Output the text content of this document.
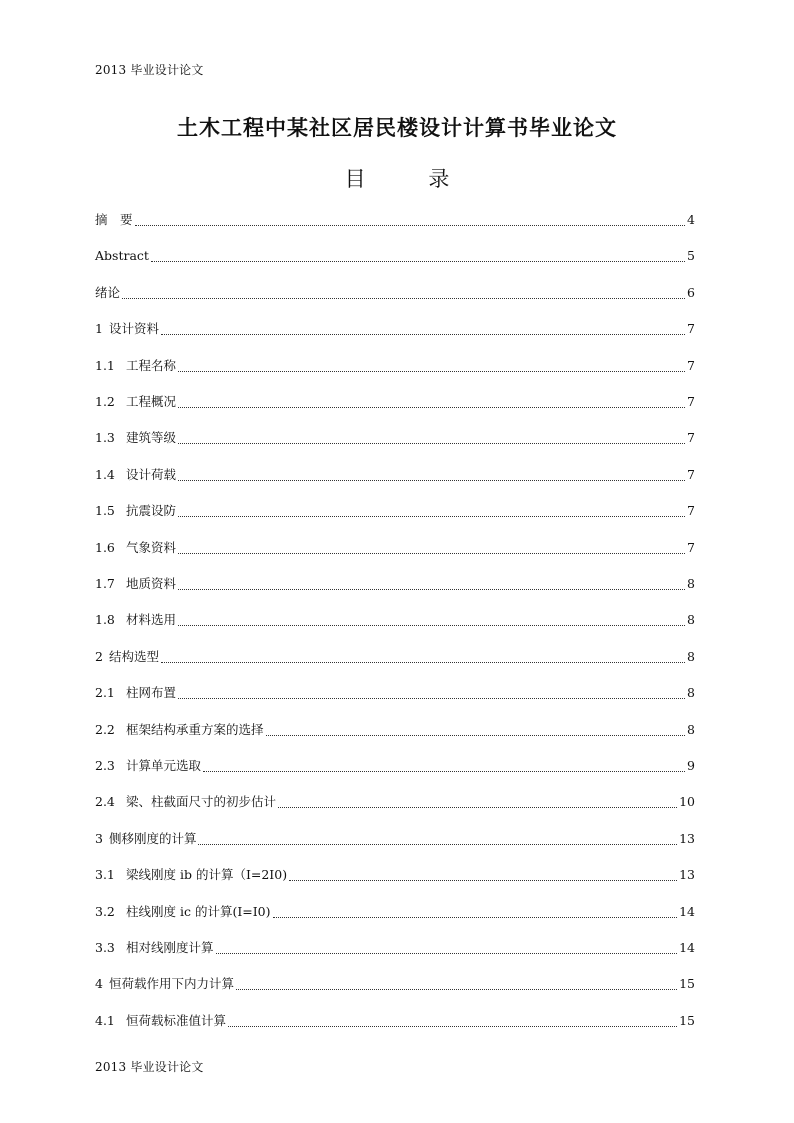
2013 毕业设计论文
土木工程中某社区居民楼设计计算书毕业论文
目 录
摘　要	4
Abstract	5
绪论	6
1 设计资料	7
1.1 工程名称	7
1.2 工程概况	7
1.3 建筑等级	7
1.4 设计荷载	7
1.5 抗震设防	7
1.6 气象资料	7
1.7 地质资料	8
1.8 材料选用	8
2 结构选型	8
2.1 柱网布置	8
2.2 框架结构承重方案的选择	8
2.3 计算单元选取	9
2.4 梁、柱截面尺寸的初步估计	10
3 侧移刚度的计算	13
3.1 梁线刚度 ib 的计算（I=2I0)	13
3.2 柱线刚度 ic 的计算(I=I0)	14
3.3 相对线刚度计算	14
4 恒荷载作用下内力计算	15
4.1 恒荷载标准值计算	15
2013 毕业设计论文
